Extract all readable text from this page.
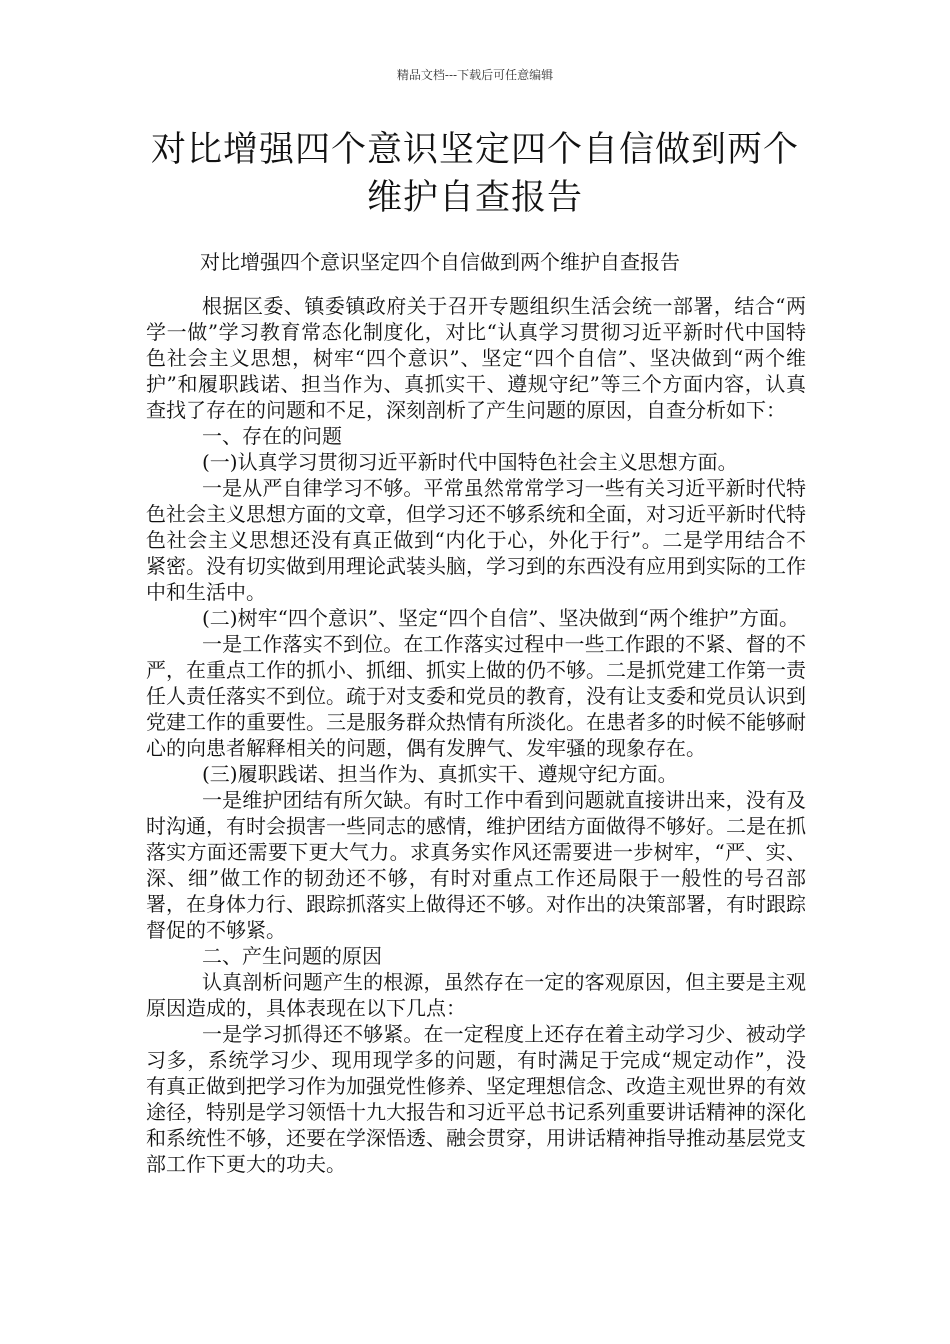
精品文档---下载后可任意编辑
对比增强四个意识坚定四个自信做到两个
维护自查报告

对比增强四个意识坚定四个自信做到两个维护自查报告

根据区委、镇委镇政府关于召开专题组织生活会统一部署，结合“两学一做”学习教育常态化制度化，对比“认真学习贯彻习近平新时代中国特色社会主义思想，树牢“四个意识”、坚定“四个自信”、坚决做到“两个维护”和履职践诺、担当作为、真抓实干、遵规守纪”等三个方面内容，认真查找了存在的问题和不足，深刻剖析了产生问题的原因，自查分析如下：

一、存在的问题

(一)认真学习贯彻习近平新时代中国特色社会主义思想方面。

一是从严自律学习不够。平常虽然常常学习一些有关习近平新时代特色社会主义思想方面的文章，但学习还不够系统和全面，对习近平新时代特色社会主义思想还没有真正做到“内化于心，外化于行”。二是学用结合不紧密。没有切实做到用理论武装头脑，学习到的东西没有应用到实际的工作中和生活中。

(二)树牢“四个意识”、坚定“四个自信”、坚决做到“两个维护”方面。

一是工作落实不到位。在工作落实过程中一些工作跟的不紧、督的不严，在重点工作的抓小、抓细、抓实上做的仍不够。二是抓党建工作第一责任人责任落实不到位。疏于对支委和党员的教育，没有让支委和党员认识到党建工作的重要性。三是服务群众热情有所淡化。在患者多的时候不能够耐心的向患者解释相关的问题，偶有发脾气、发牢骚的现象存在。

(三)履职践诺、担当作为、真抓实干、遵规守纪方面。

一是维护团结有所欠缺。有时工作中看到问题就直接讲出来，没有及时沟通，有时会损害一些同志的感情，维护团结方面做得不够好。二是在抓落实方面还需要下更大气力。求真务实作风还需要进一步树牢，“严、实、深、细”做工作的韧劲还不够，有时对重点工作还局限于一般性的号召部署，在身体力行、跟踪抓落实上做得还不够。对作出的决策部署，有时跟踪督促的不够紧。

二、产生问题的原因

认真剖析问题产生的根源，虽然存在一定的客观原因，但主要是主观原因造成的，具体表现在以下几点：

一是学习抓得还不够紧。在一定程度上还存在着主动学习少、被动学习多，系统学习少、现用现学多的问题，有时满足于完成“规定动作”，没有真正做到把学习作为加强党性修养、坚定理想信念、改造主观世界的有效途径，特别是学习领悟十九大报告和习近平总书记系列重要讲话精神的深化和系统性不够，还要在学深悟透、融会贯穿，用讲话精神指导推动基层党支部工作下更大的功夫。
